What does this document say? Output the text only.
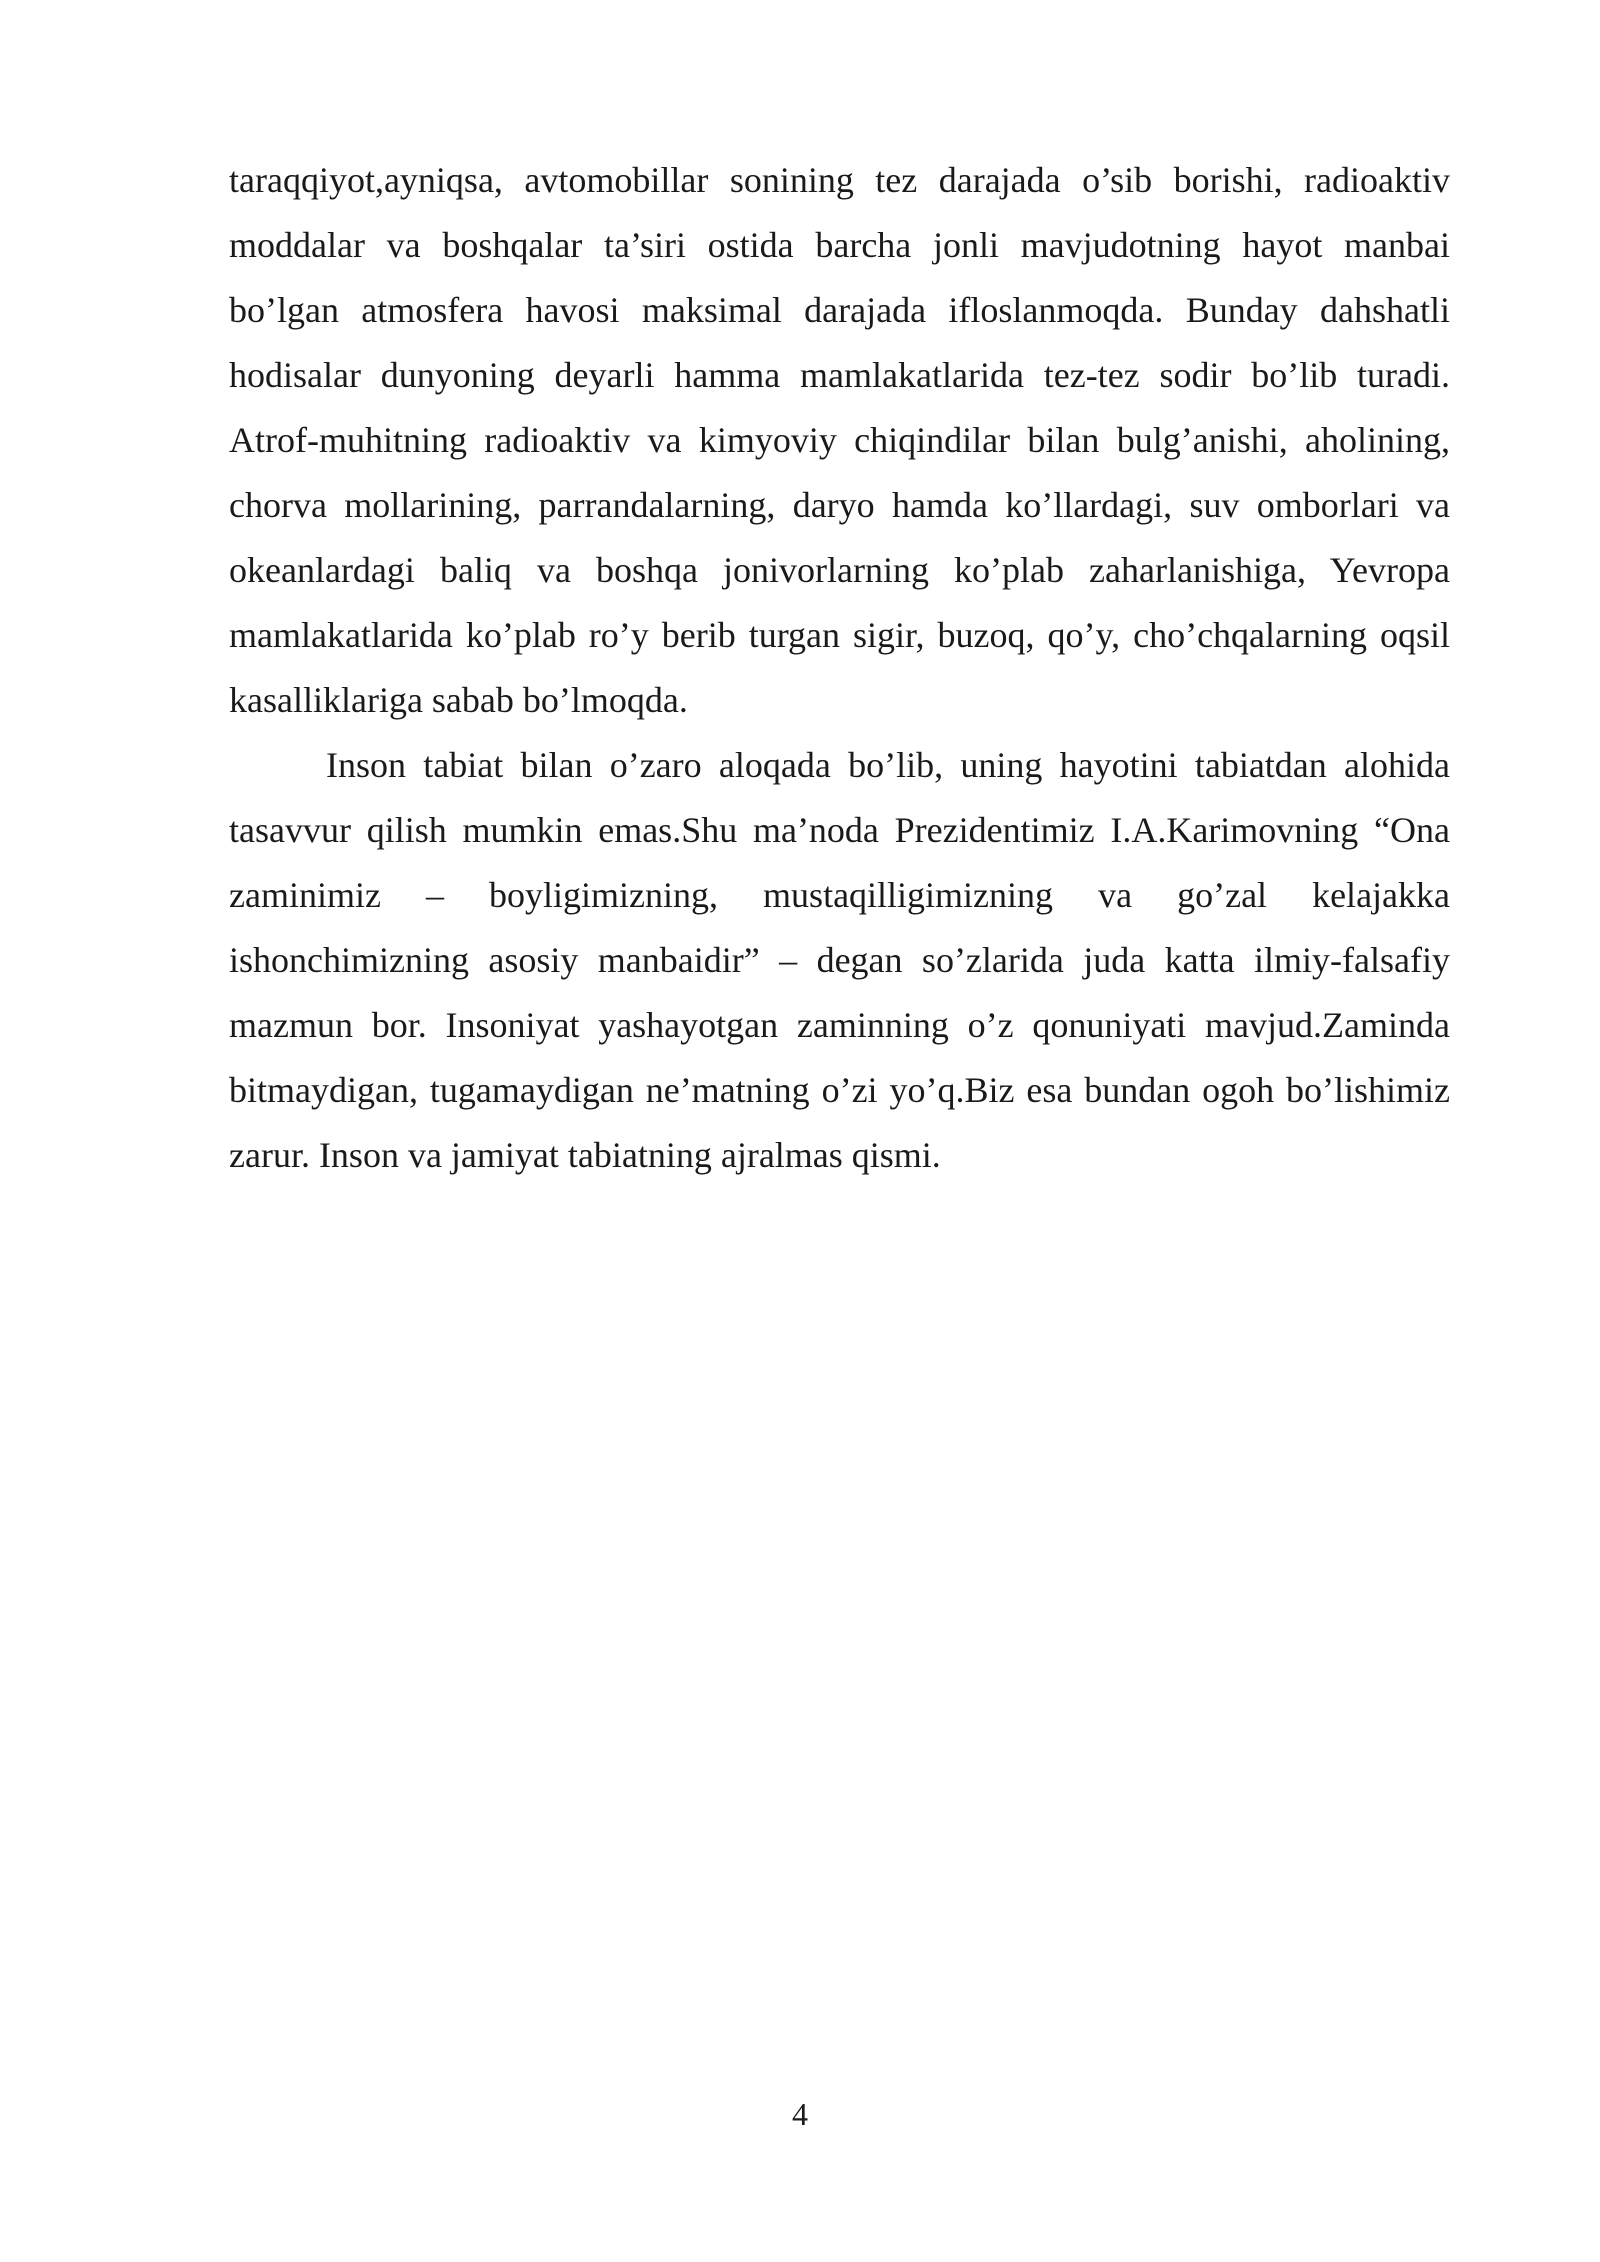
taraqqiyot,ayniqsa, avtomobillar sonining tez darajada o’sib borishi, radioaktiv moddalar va boshqalar ta’siri ostida barcha jonli mavjudotning hayot manbai bo’lgan atmosfera havosi maksimal darajada ifloslanmoqda. Bunday dahshatli hodisalar dunyoning deyarli hamma mamlakatlarida tez-tez sodir bo’lib turadi. Atrof-muhitning radioaktiv va kimyoviy chiqindilar bilan bulg’anishi, aholining, chorva mollarining, parrandalarning, daryo hamda ko’llardagi, suv omborlari va okeanlardagi baliq va boshqa jonivorlarning ko’plab zaharlanishiga, Yevropa mamlakatlarida ko’plab ro’y berib turgan sigir, buzoq, qo’y, cho’chqalarning oqsil kasalliklariga sabab bo’lmoqda.

Inson tabiat bilan o’zaro aloqada bo’lib, uning hayotini tabiatdan alohida tasavvur qilish mumkin emas.Shu ma’noda Prezidentimiz I.A.Karimovning “Ona zaminimiz – boyligimizning, mustaqilligimizning va go’zal kelajakka ishonchimizning asosiy manbaidir” – degan so’zlarida juda katta ilmiy-falsafiy mazmun bor. Insoniyat yashayotgan zaminning o’z qonuniyati mavjud.Zaminda bitmaydigan, tugamaydigan ne’matning o’zi yo’q.Biz esa bundan ogoh bo’lishimiz zarur. Inson va jamiyat tabiatning ajralmas qismi.

4
